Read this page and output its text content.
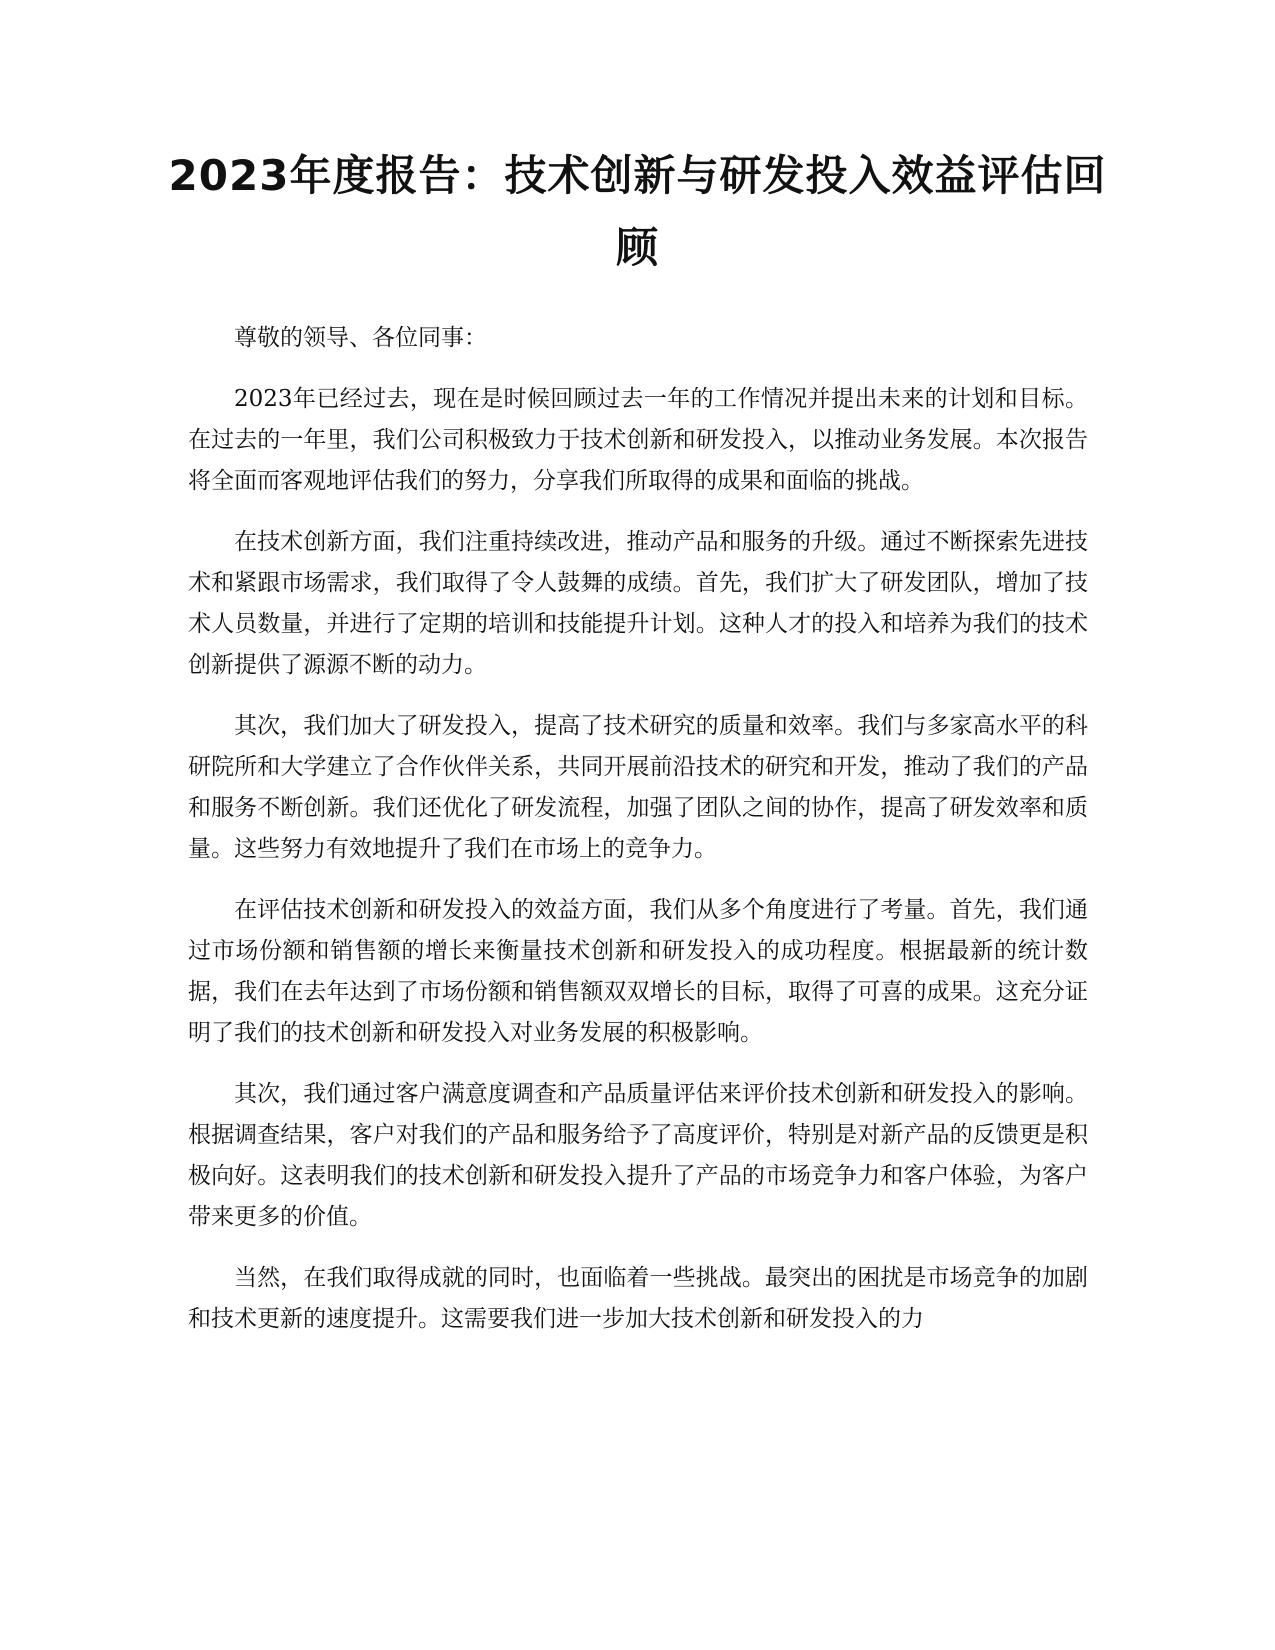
2023年度报告：技术创新与研发投入效益评估回顾

尊敬的领导、各位同事：

2023年已经过去，现在是时候回顾过去一年的工作情况并提出未来的计划和目标。在过去的一年里，我们公司积极致力于技术创新和研发投入，以推动业务发展。本次报告将全面而客观地评估我们的努力，分享我们所取得的成果和面临的挑战。

在技术创新方面，我们注重持续改进，推动产品和服务的升级。通过不断探索先进技术和紧跟市场需求，我们取得了令人鼓舞的成绩。首先，我们扩大了研发团队，增加了技术人员数量，并进行了定期的培训和技能提升计划。这种人才的投入和培养为我们的技术创新提供了源源不断的动力。

其次，我们加大了研发投入，提高了技术研究的质量和效率。我们与多家高水平的科研院所和大学建立了合作伙伴关系，共同开展前沿技术的研究和开发，推动了我们的产品和服务不断创新。我们还优化了研发流程，加强了团队之间的协作，提高了研发效率和质量。这些努力有效地提升了我们在市场上的竞争力。

在评估技术创新和研发投入的效益方面，我们从多个角度进行了考量。首先，我们通过市场份额和销售额的增长来衡量技术创新和研发投入的成功程度。根据最新的统计数据，我们在去年达到了市场份额和销售额双双增长的目标，取得了可喜的成果。这充分证明了我们的技术创新和研发投入对业务发展的积极影响。

其次，我们通过客户满意度调查和产品质量评估来评价技术创新和研发投入的影响。根据调查结果，客户对我们的产品和服务给予了高度评价，特别是对新产品的反馈更是积极向好。这表明我们的技术创新和研发投入提升了产品的市场竞争力和客户体验，为客户带来更多的价值。

当然，在我们取得成就的同时，也面临着一些挑战。最突出的困扰是市场竞争的加剧和技术更新的速度提升。这需要我们进一步加大技术创新和研发投入的力
